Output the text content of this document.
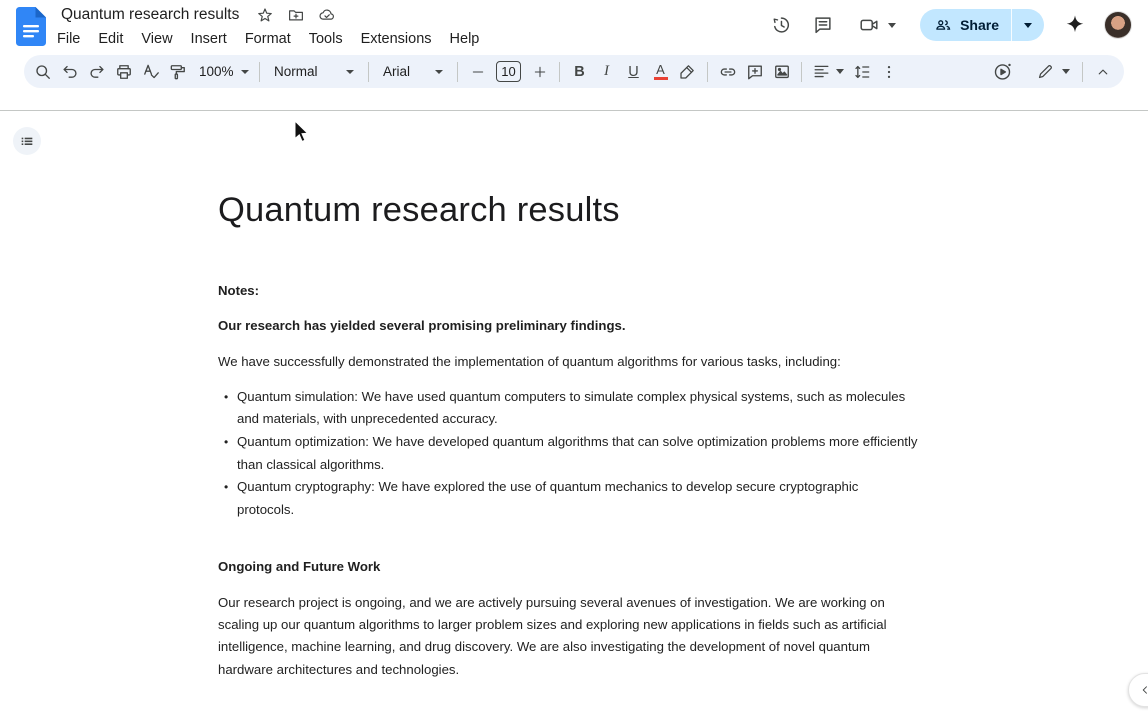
Quantum research results
File	Edit	View	Insert	Format	Tools	Extensions	Help
Share
100%	Normal	Arial	10	B I U A
Quantum research results

Notes:

Our research has yielded several promising preliminary findings.

We have successfully demonstrated the implementation of quantum algorithms for various tasks, including:

• Quantum simulation: We have used quantum computers to simulate complex physical systems, such as molecules and materials, with unprecedented accuracy.
• Quantum optimization: We have developed quantum algorithms that can solve optimization problems more efficiently than classical algorithms.
• Quantum cryptography: We have explored the use of quantum mechanics to develop secure cryptographic protocols.

Ongoing and Future Work

Our research project is ongoing, and we are actively pursuing several avenues of investigation. We are working on scaling up our quantum algorithms to larger problem sizes and exploring new applications in fields such as artificial intelligence, machine learning, and drug discovery. We are also investigating the development of novel quantum hardware architectures and technologies.
